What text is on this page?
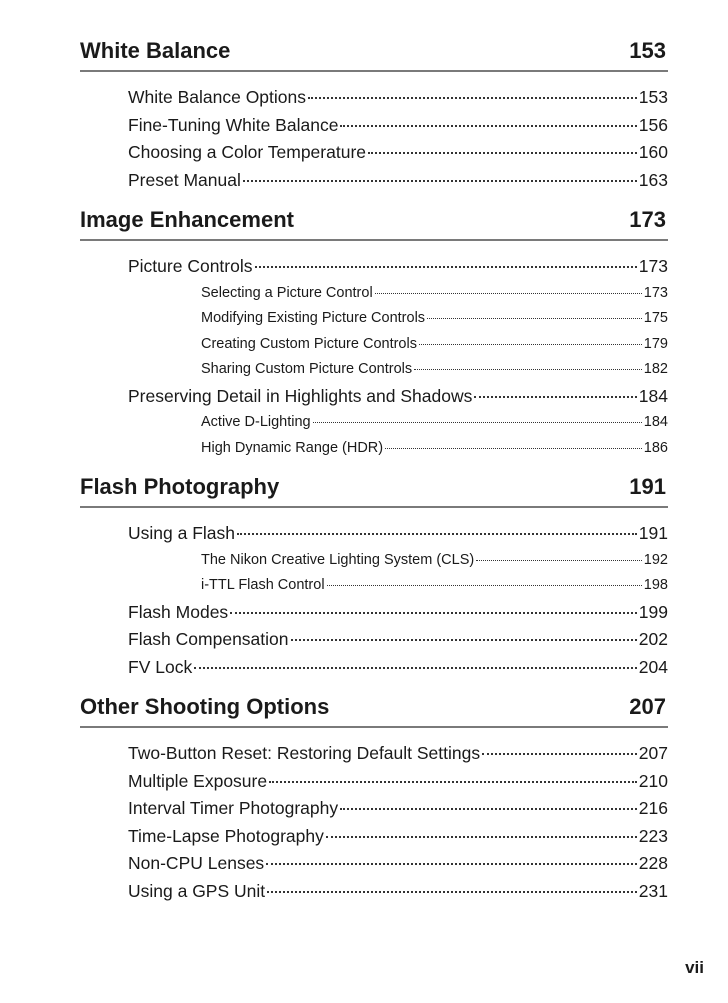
White Balance	153
White Balance Options	153
Fine-Tuning White Balance	156
Choosing a Color Temperature	160
Preset Manual	163
Image Enhancement	173
Picture Controls	173
Selecting a Picture Control	173
Modifying Existing Picture Controls	175
Creating Custom Picture Controls	179
Sharing Custom Picture Controls	182
Preserving Detail in Highlights and Shadows	184
Active D-Lighting	184
High Dynamic Range (HDR)	186
Flash Photography	191
Using a Flash	191
The Nikon Creative Lighting System (CLS)	192
i-TTL Flash Control	198
Flash Modes	199
Flash Compensation	202
FV Lock	204
Other Shooting Options	207
Two-Button Reset: Restoring Default Settings	207
Multiple Exposure	210
Interval Timer Photography	216
Time-Lapse Photography	223
Non-CPU Lenses	228
Using a GPS Unit	231
vii
